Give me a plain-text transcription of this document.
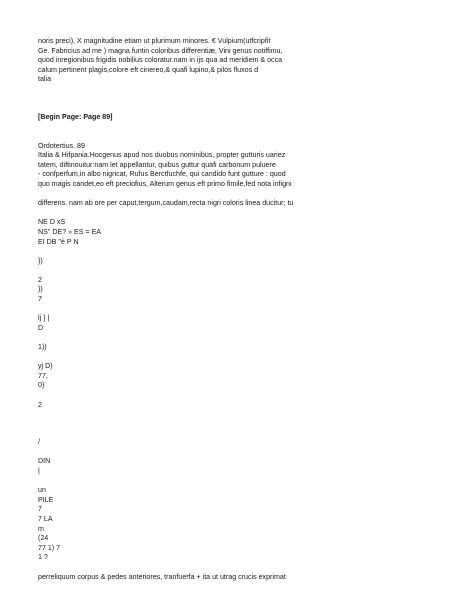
noris preci), X magnitudine etiam ut plurimum minores. € Vulpium(utfcripfit
Ge. Fabricius ad me ) magna funtin coloribus differentiæ, Vini genus notiffimu,
quod inregionibus frigidis nobilius coloratur.nam in ijs qua ad meridiem & occa
calum pertinent plagis,colore eft cinereo,& quafi lupino,& pilos fluxos d
talia
[Begin Page: Page 89]
Ordotertius. 89
Italia & Hifpania.Hocgenus apud nos duobus nominibus, propter gutturis uariez
tatem, diftinouitur:nam let appellantur, quibus guttur quafi carbonum puluere
- confperfum,in albo nigricat, Rufus Berctfuchfe, qui candido funt gutture : quod
quo magis candet,eo eft preciofius, Alterum genus eft primo fimile,fed nota infigni
differens. nam ab ore per caput,tergum,caudam,recta nigri coloris linea ducitur; tu
NE D xS
NS" DE? » ES = EA
EI DB "è P N
})
2
})
7
lj } |
D
1))
yj D)
77,
0}
2
/
DIN
|
un
PILE
7
7 LA
m
(24
77 1) 7
1 ?
perreliquum corpus & pedes anteriores, tranfuerfa + ita ut utrag crucis exprimat
